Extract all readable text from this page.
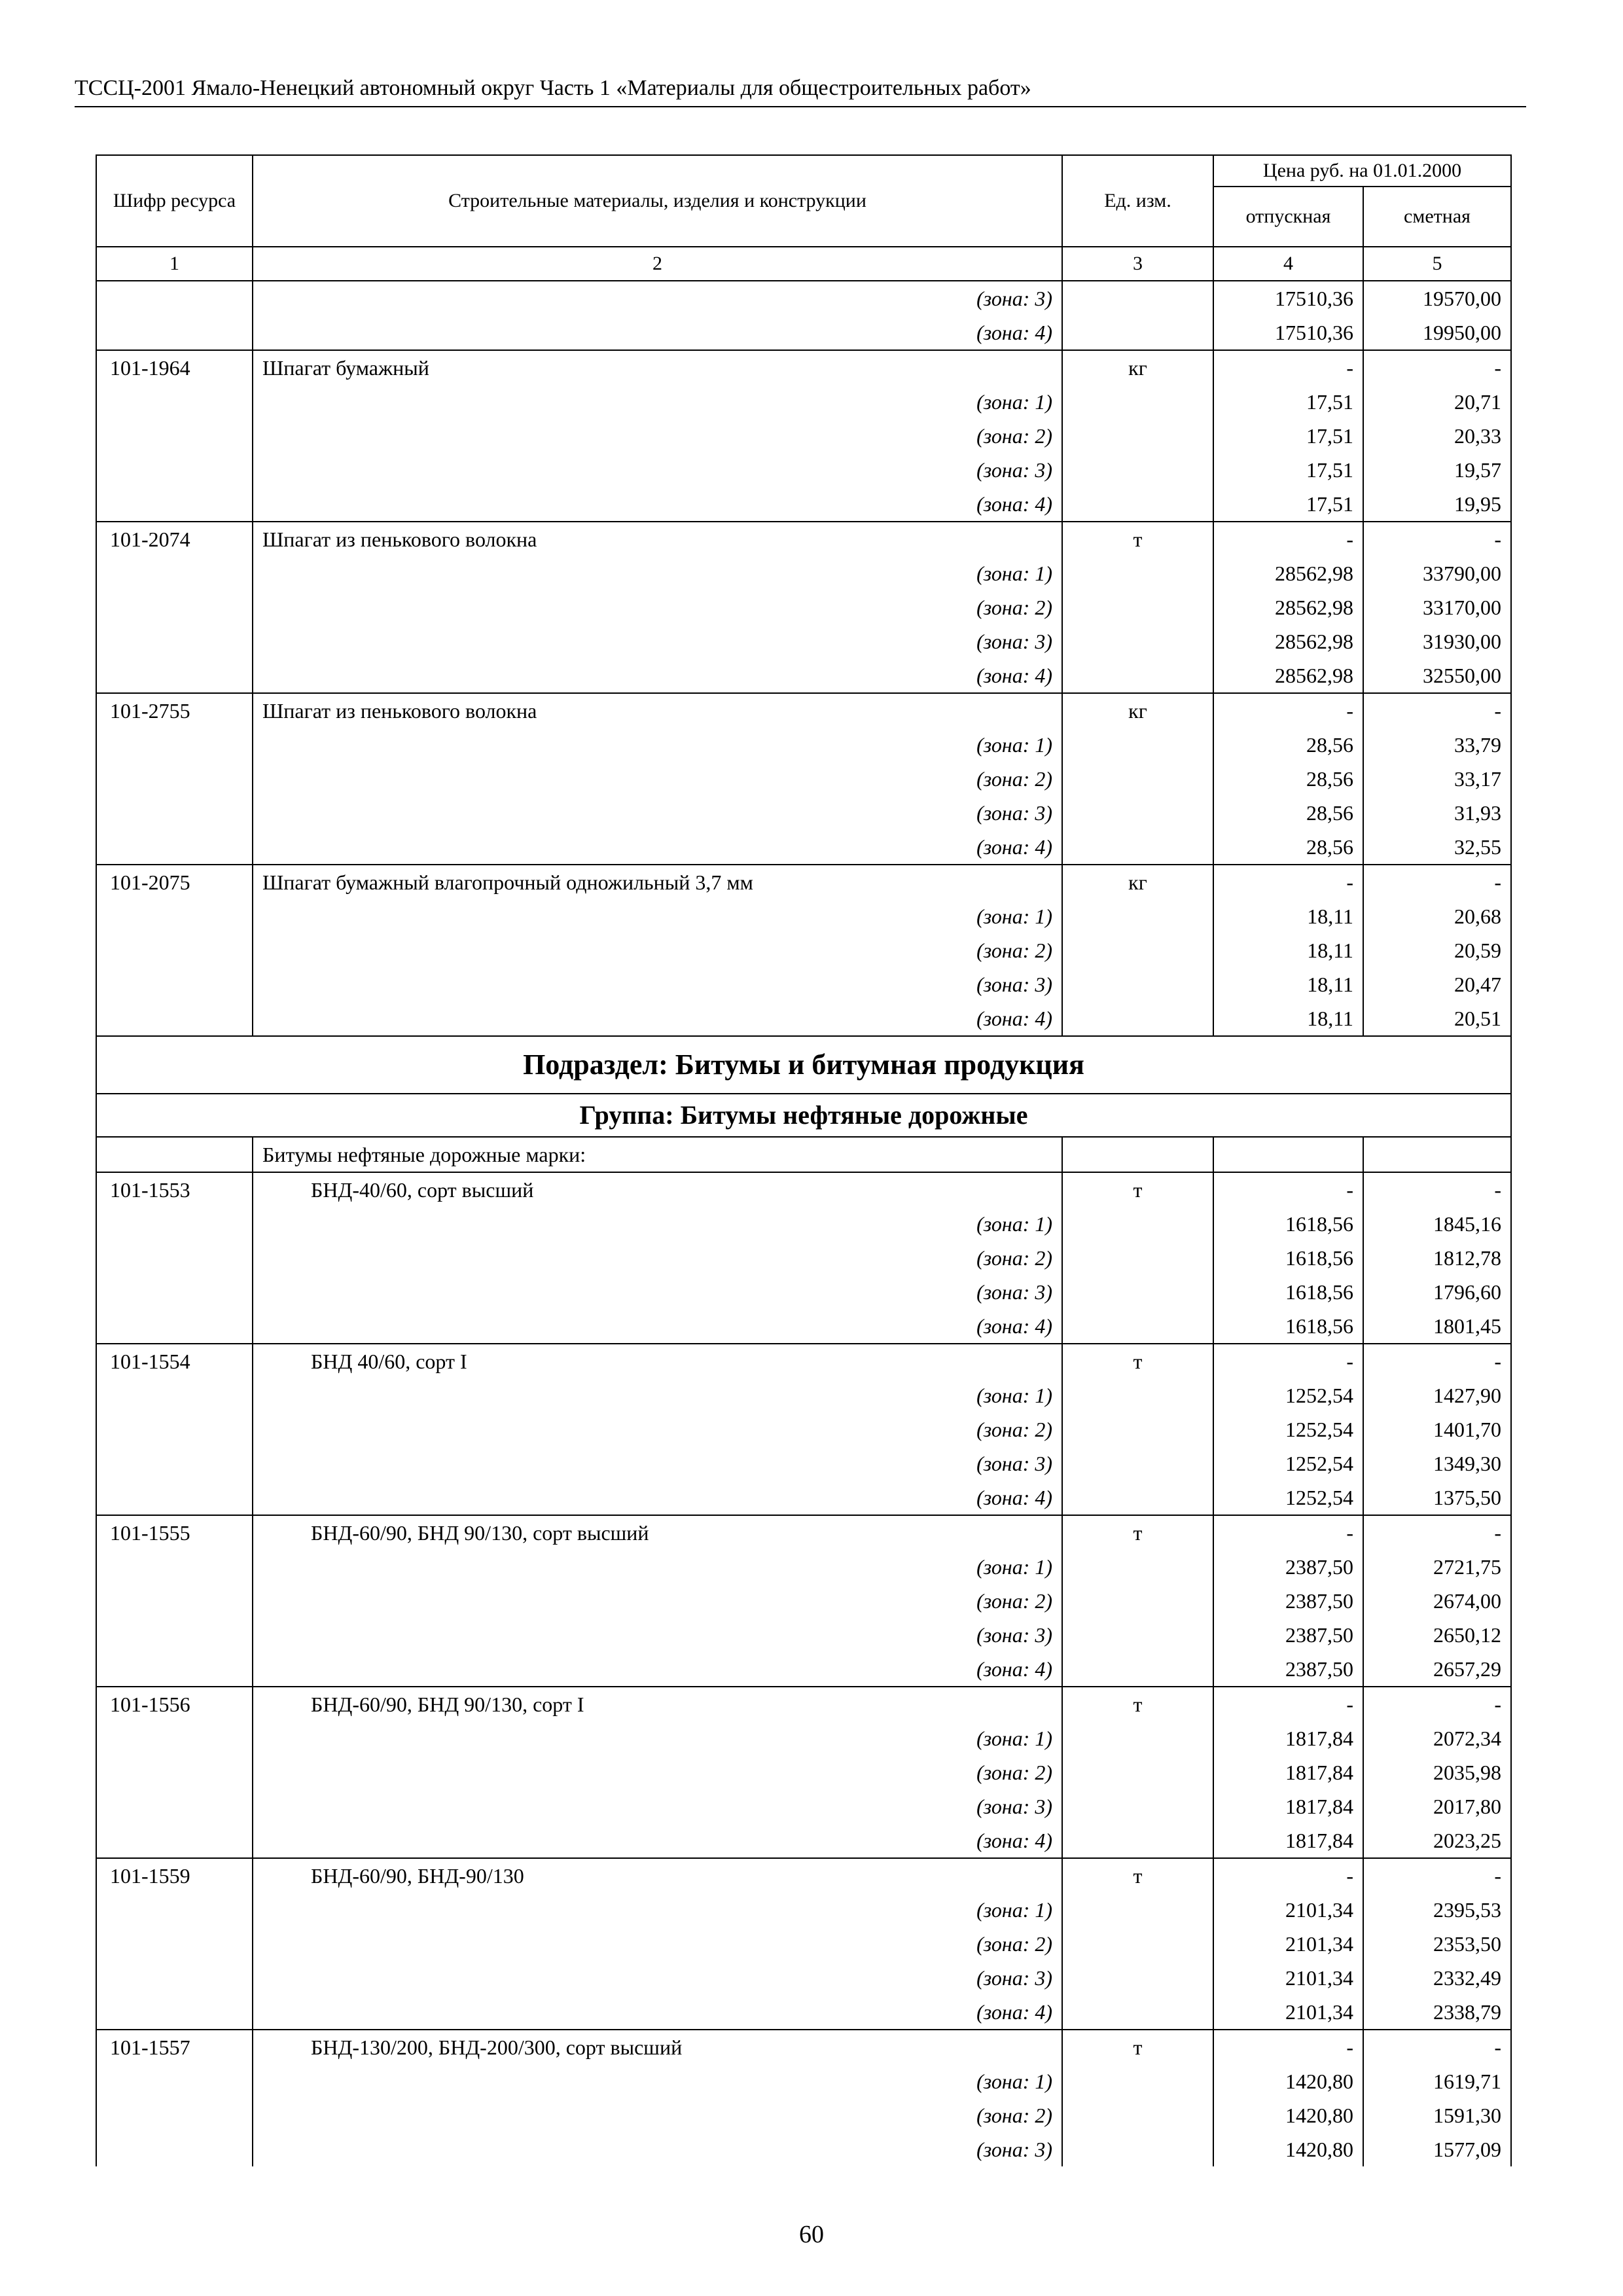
ТССЦ-2001 Ямало-Ненецкий автономный округ Часть 1 «Материалы для общестроительных работ»
Шифр ресурса	Строительные материалы, изделия и конструкции	Ед. изм.	Цена руб. на 01.01.2000	
			отпускная	сметная
1	2	3	4	5
	(зона: 3)		17510,36	19570,00
	(зона: 4)		17510,36	19950,00
101-1964	Шпагат бумажный	кг	-	-
	(зона: 1)		17,51	20,71
	(зона: 2)		17,51	20,33
	(зона: 3)		17,51	19,57
	(зона: 4)		17,51	19,95
101-2074	Шпагат из пенькового волокна	т	-	-
	(зона: 1)		28562,98	33790,00
	(зона: 2)		28562,98	33170,00
	(зона: 3)		28562,98	31930,00
	(зона: 4)		28562,98	32550,00
101-2755	Шпагат из пенькового волокна	кг	-	-
	(зона: 1)		28,56	33,79
	(зона: 2)		28,56	33,17
	(зона: 3)		28,56	31,93
	(зона: 4)		28,56	32,55
101-2075	Шпагат бумажный влагопрочный одножильный 3,7 мм	кг	-	-
	(зона: 1)		18,11	20,68
	(зона: 2)		18,11	20,59
	(зона: 3)		18,11	20,47
	(зона: 4)		18,11	20,51
Подраздел: Битумы и битумная продукция				
Группа: Битумы нефтяные дорожные				
	Битумы нефтяные дорожные марки:			
101-1553	БНД-40/60, сорт высший	т	-	-
	(зона: 1)		1618,56	1845,16
	(зона: 2)		1618,56	1812,78
	(зона: 3)		1618,56	1796,60
	(зона: 4)		1618,56	1801,45
101-1554	БНД 40/60, сорт I	т	-	-
	(зона: 1)		1252,54	1427,90
	(зона: 2)		1252,54	1401,70
	(зона: 3)		1252,54	1349,30
	(зона: 4)		1252,54	1375,50
101-1555	БНД-60/90, БНД 90/130, сорт высший	т	-	-
	(зона: 1)		2387,50	2721,75
	(зона: 2)		2387,50	2674,00
	(зона: 3)		2387,50	2650,12
	(зона: 4)		2387,50	2657,29
101-1556	БНД-60/90, БНД 90/130, сорт I	т	-	-
	(зона: 1)		1817,84	2072,34
	(зона: 2)		1817,84	2035,98
	(зона: 3)		1817,84	2017,80
	(зона: 4)		1817,84	2023,25
101-1559	БНД-60/90, БНД-90/130	т	-	-
	(зона: 1)		2101,34	2395,53
	(зона: 2)		2101,34	2353,50
	(зона: 3)		2101,34	2332,49
	(зона: 4)		2101,34	2338,79
101-1557	БНД-130/200, БНД-200/300, сорт высший	т	-	-
	(зона: 1)		1420,80	1619,71
	(зона: 2)		1420,80	1591,30
	(зона: 3)		1420,80	1577,09
60
